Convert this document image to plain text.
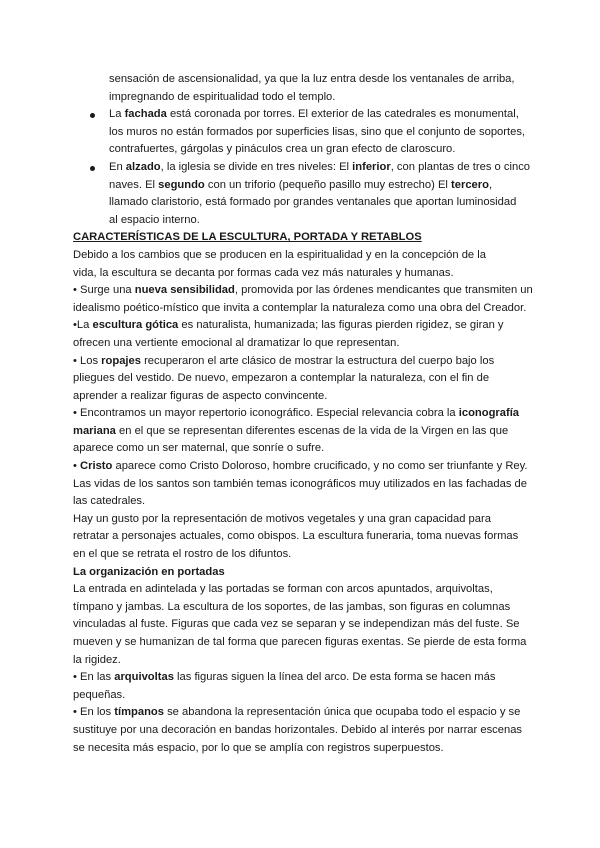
sensación de ascensionalidad, ya que la luz entra desde los ventanales de arriba,
impregnando de espiritualidad todo el templo.
La fachada está coronada por torres. El exterior de las catedrales es monumental,
los muros no están formados por superficies lisas, sino que el conjunto de soportes,
contrafuertes, gárgolas y pináculos crea un gran efecto de claroscuro.
En alzado, la iglesia se divide en tres niveles: El inferior, con plantas de tres o cinco
naves. El segundo con un triforio (pequeño pasillo muy estrecho) El tercero,
llamado claristorio, está formado por grandes ventanales que aportan luminosidad
al espacio interno.
CARACTERÍSTICAS DE LA ESCULTURA, PORTADA Y RETABLOS
Debido a los cambios que se producen en la espiritualidad y en la concepción de la
vida, la escultura se decanta por formas cada vez más naturales y humanas.
• Surge una nueva sensibilidad, promovida por las órdenes mendicantes que transmiten un
idealismo poético-místico que invita a contemplar la naturaleza como una obra del Creador.
•La escultura gótica es naturalista, humanizada; las figuras pierden rigidez, se giran y
ofrecen una vertiente emocional al dramatizar lo que representan.
• Los ropajes recuperaron el arte clásico de mostrar la estructura del cuerpo bajo los
pliegues del vestido. De nuevo, empezaron a contemplar la naturaleza, con el fin de
aprender a realizar figuras de aspecto convincente.
• Encontramos un mayor repertorio iconográfico. Especial relevancia cobra la iconografía
mariana en el que se representan diferentes escenas de la vida de la Virgen en las que
aparece como un ser maternal, que sonríe o sufre.
• Cristo aparece como Cristo Doloroso, hombre crucificado, y no como ser triunfante y Rey.
Las vidas de los santos son también temas iconográficos muy utilizados en las fachadas de
las catedrales.
Hay un gusto por la representación de motivos vegetales y una gran capacidad para
retratar a personajes actuales, como obispos. La escultura funeraria, toma nuevas formas
en el que se retrata el rostro de los difuntos.
La organización en portadas
La entrada en adintelada y las portadas se forman con arcos apuntados, arquivoltas,
tímpano y jambas. La escultura de los soportes, de las jambas, son figuras en columnas
vinculadas al fuste. Figuras que cada vez se separan y se independizan más del fuste. Se
mueven y se humanizan de tal forma que parecen figuras exentas. Se pierde de esta forma
la rigidez.
• En las arquivoltas las figuras siguen la línea del arco. De esta forma se hacen más
pequeñas.
• En los tímpanos se abandona la representación única que ocupaba todo el espacio y se
sustituye por una decoración en bandas horizontales. Debido al interés por narrar escenas
se necesita más espacio, por lo que se amplía con registros superpuestos.
